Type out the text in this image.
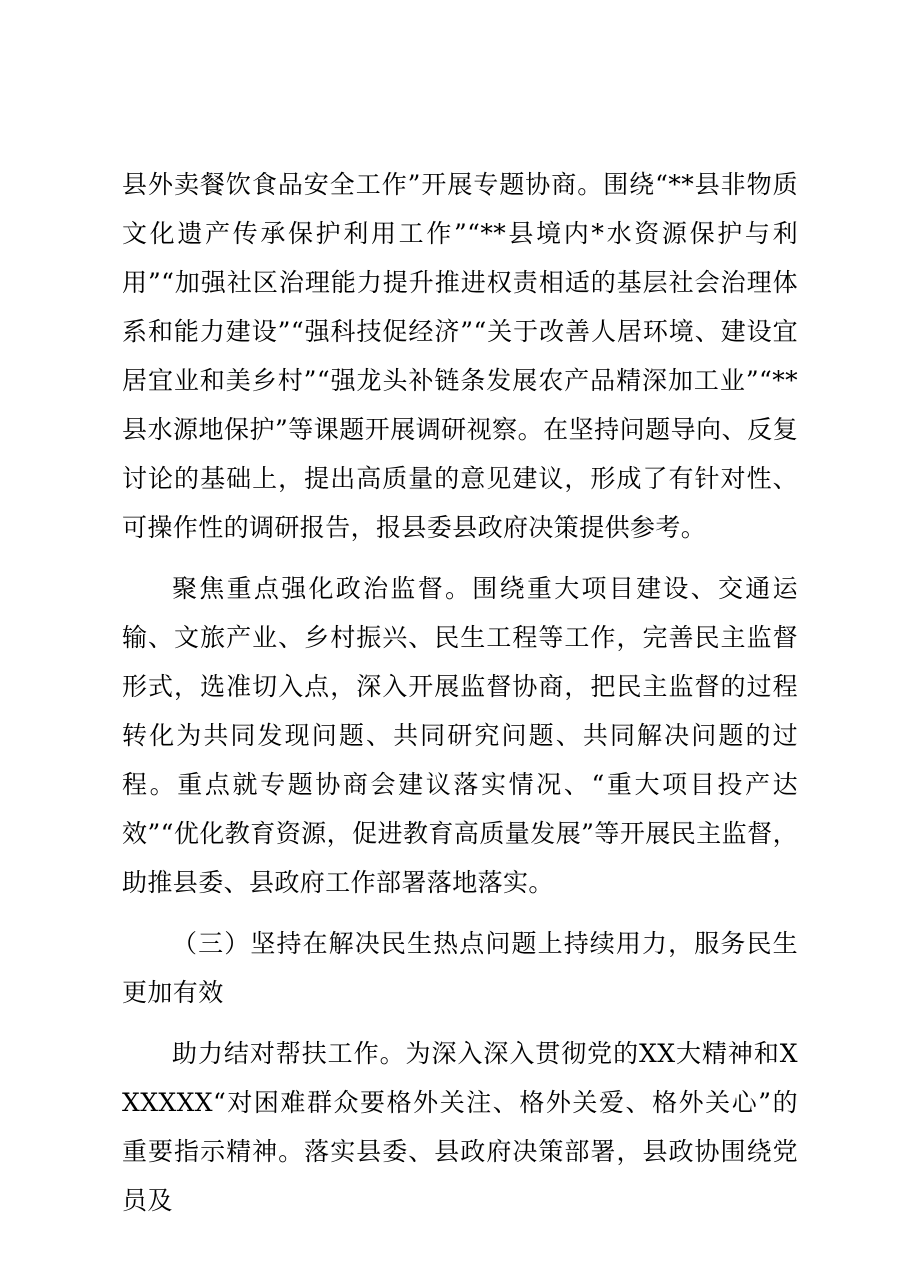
县外卖餐饮食品安全工作”开展专题协商。围绕“**县非物质文化遗产传承保护利用工作”“**县境内*水资源保护与利用”“加强社区治理能力提升推进权责相适的基层社会治理体系和能力建设”“强科技促经济”“关于改善人居环境、建设宜居宜业和美乡村”“强龙头补链条发展农产品精深加工业”“**县水源地保护”等课题开展调研视察。在坚持问题导向、反复讨论的基础上，提出高质量的意见建议，形成了有针对性、可操作性的调研报告，报县委县政府决策提供参考。

聚焦重点强化政治监督。围绕重大项目建设、交通运输、文旅产业、乡村振兴、民生工程等工作，完善民主监督形式，选准切入点，深入开展监督协商，把民主监督的过程转化为共同发现问题、共同研究问题、共同解决问题的过程。重点就专题协商会建议落实情况、“重大项目投产达效”“优化教育资源，促进教育高质量发展”等开展民主监督，助推县委、县政府工作部署落地落实。

（三）坚持在解决民生热点问题上持续用力，服务民生更加有效

助力结对帮扶工作。为深入深入贯彻党的XX大精神和XXXXXX“对困难群众要格外关注、格外关爱、格外关心”的重要指示精神。落实县委、县政府决策部署，县政协围绕党员及
